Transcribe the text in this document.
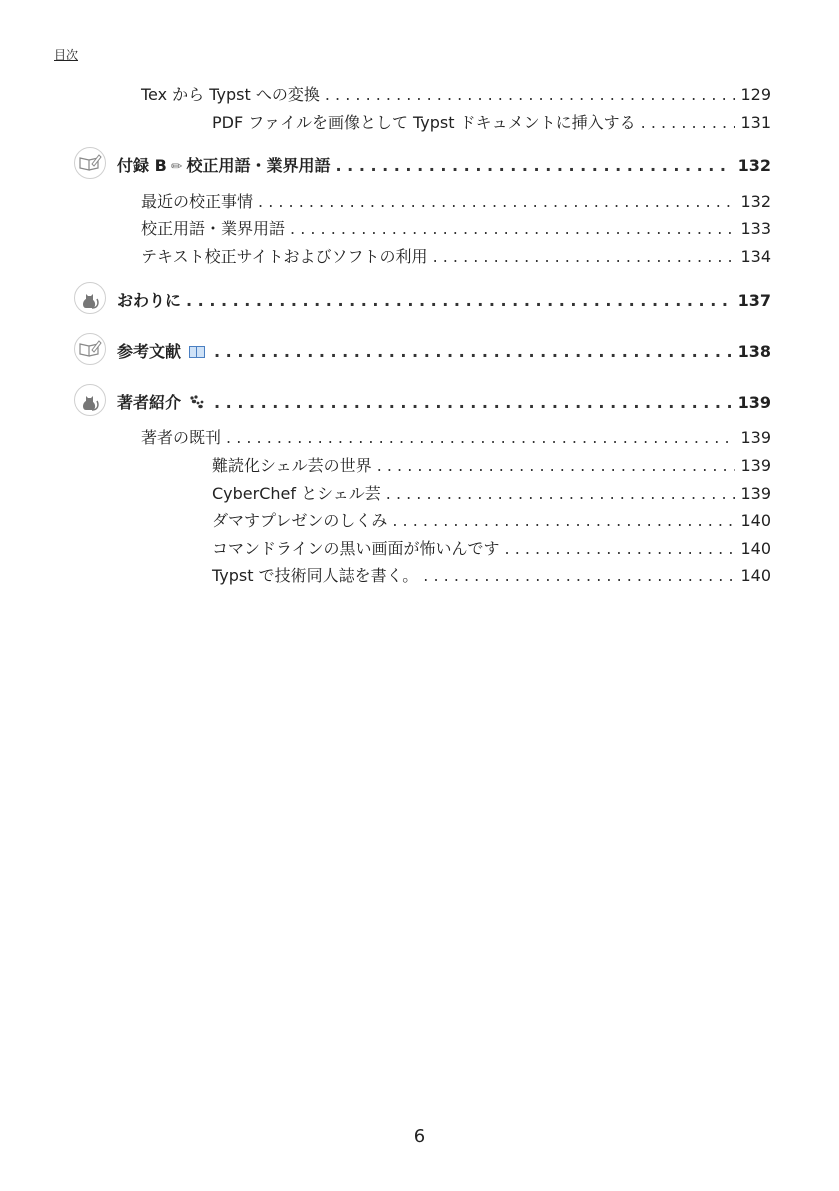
目次
Tex から Typst への変換 . . .	129
PDF ファイルを画像として Typst ドキュメントに挿入する . . .	131
付録 B ✏ 校正用語・業界用語 . . .	132
最近の校正事情 . . .	132
校正用語・業界用語 . . .	133
テキスト校正サイトおよびソフトの利用 . . .	134
おわりに . . .	137
参考文献 . . .	138
著者紹介 . . .	139
著者の既刊 . . .	139
難読化シェル芸の世界 . . .	139
CyberChef とシェル芸 . . .	139
ダマすプレゼンのしくみ . . .	140
コマンドラインの黒い画面が怖いんです . . .	140
Typst で技術同人誌を書く。 . . .	140
6
